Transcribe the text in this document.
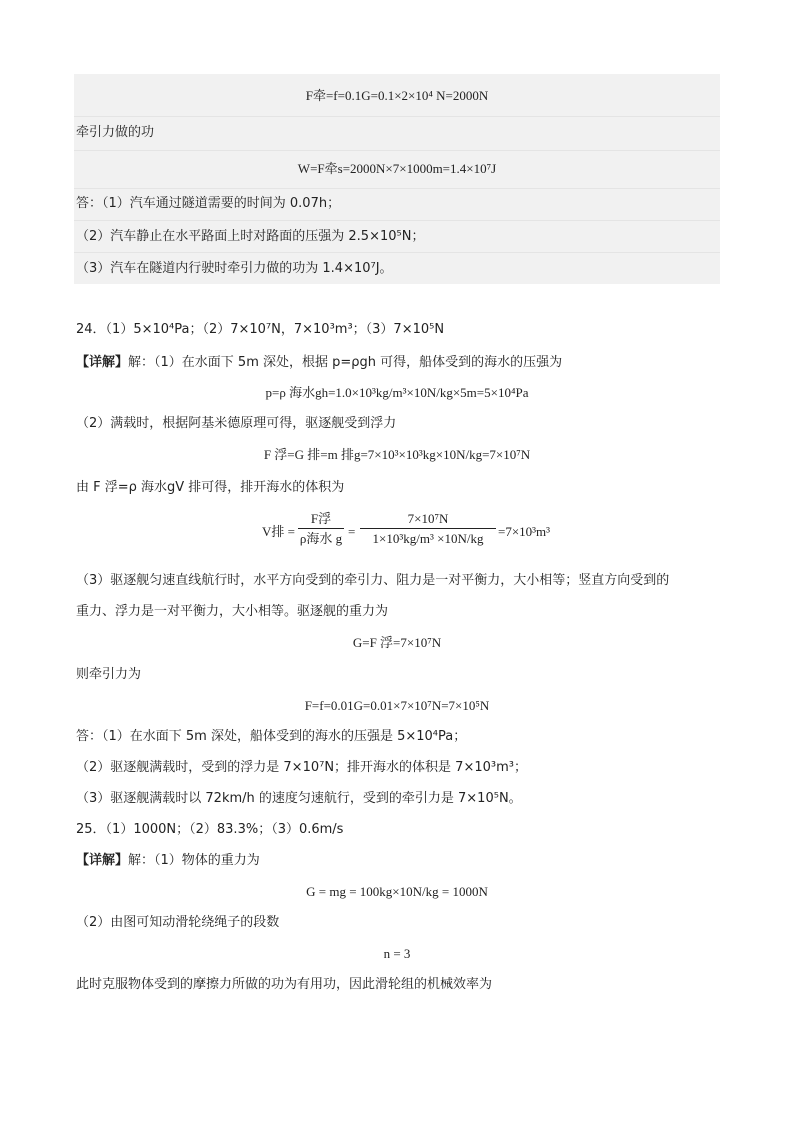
F牵=f=0.1G=0.1×2×10⁴ N=2000N
牵引力做的功
W=F牵s=2000N×7×1000m=1.4×10⁷J
答：（1）汽车通过隧道需要的时间为 0.07h；
（2）汽车静止在水平路面上时对路面的压强为 2.5×10⁵N；
（3）汽车在隧道内行驶时牵引力做的功为 1.4×10⁷J。
24．（1）5×10⁴Pa；（2）7×10⁷N，7×10³m³；（3）7×10⁵N
【详解】解：（1）在水面下 5m 深处，根据 p=ρgh 可得，船体受到的海水的压强为
p=ρ 海水gh=1.0×10³kg/m³×10N/kg×5m=5×10⁴Pa
（2）满载时，根据阿基米德原理可得，驱逐舰受到浮力
F 浮=G 排=m 排g=7×10³×10³kg×10N/kg=7×10⁷N
由 F 浮=ρ 海水gV 排可得，排开海水的体积为
V排 =
F浮
ρ海水 g =
7×10⁷N
1×10³kg/m³ ×10N/kg	=7×10³m³
（3）驱逐舰匀速直线航行时，水平方向受到的牵引力、阻力是一对平衡力，大小相等；竖直方向受到的
重力、浮力是一对平衡力，大小相等。驱逐舰的重力为
G=F 浮=7×10⁷N
则牵引力为
F=f=0.01G=0.01×7×10⁷N=7×10⁵N
答：（1）在水面下 5m 深处，船体受到的海水的压强是 5×10⁴Pa；
（2）驱逐舰满载时，受到的浮力是 7×10⁷N；排开海水的体积是 7×10³m³；
（3）驱逐舰满载时以 72km/h 的速度匀速航行，受到的牵引力是 7×10⁵N。
25．（1）1000N；（2）83.3%；（3）0.6m/s
【详解】解：（1）物体的重力为
G = mg = 100kg×10N/kg = 1000N
（2）由图可知动滑轮绕绳子的段数
n = 3
此时克服物体受到的摩擦力所做的功为有用功，因此滑轮组的机械效率为
